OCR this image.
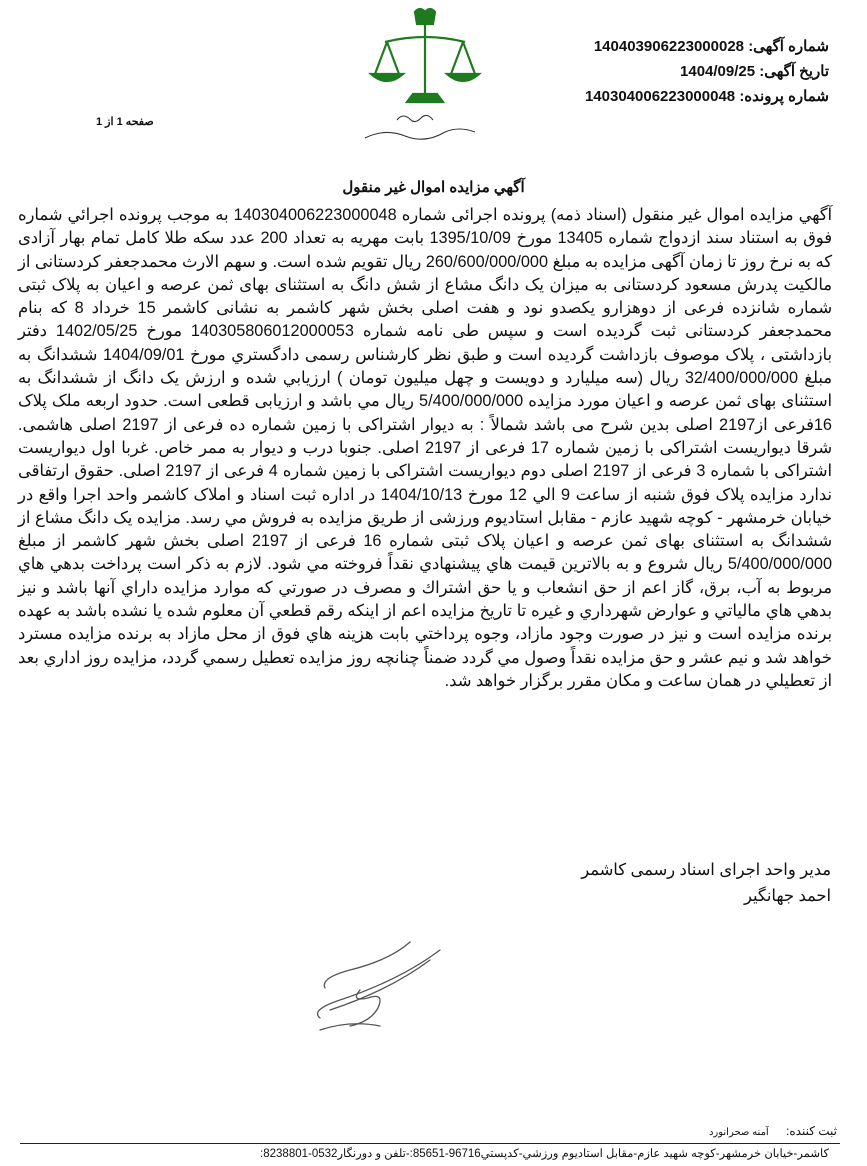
شماره آگهی: 140403906223000028
تاریخ آگهی: 1404/09/25
شماره پرونده: 140304006223000048
صفحه 1 از 1
آگهي مزايده اموال غير منقول

آگهي مزايده اموال غير منقول (اسناد ذمه) پرونده اجرائی شماره 140304006223000048 به موجب پرونده اجرائي شماره فوق به استناد سند ازدواج شماره 13405 مورخ 1395/10/09 بابت مهريه به تعداد 200 عدد سکه طلا کامل تمام بهار آزادی که به نرخ روز تا زمان آگهی مزايده به مبلغ 260/600/000/000 ريال تقويم شده است. و سهم الارث محمدجعفر کردستانی از مالکيت پدرش مسعود کردستانی به ميزان يک دانگ مشاع از شش دانگ به استثنای بهای ثمن عرصه و اعيان به پلاک ثبتی شماره شانزده فرعی از دوهزارو يکصدو نود و هفت اصلی بخش شهر کاشمر به نشانی کاشمر 15 خرداد 8 که بنام محمدجعفر کردستانی ثبت گرديده است و سپس طی نامه شماره 140305806012000053 مورخ 1402/05/25 دفتر بازداشتی ، پلاک موصوف بازداشت گرديده است و طبق نظر کارشناس رسمی دادگستري مورخ 1404/09/01 ششدانگ به مبلغ 32/400/000/000 ريال (سه ميليارد و دويست و چهل ميليون تومان ) ارزيابي شده و ارزش يک دانگ از ششدانگ به استثنای بهای ثمن عرصه و اعيان مورد مزايده 5/400/000/000 ريال مي باشد و ارزيابی قطعی است. حدود اربعه ملک پلاک 16فرعی از2197 اصلی بدين شرح می باشد شمالاً : به ديوار اشتراکی با زمين شماره ده فرعی از 2197 اصلی هاشمی. شرقا ديواريست اشتراکی با زمين شماره 17 فرعی از 2197 اصلی. جنوبا درب و ديوار به ممر خاص. غربا اول ديواريست اشتراکی با شماره 3 فرعی از 2197 اصلی دوم ديواريست اشتراکی با زمين شماره 4 فرعی از 2197 اصلی. حقوق ارتفاقی ندارد مزايده پلاک فوق شنبه از ساعت 9 الي 12 مورخ 1404/10/13 در اداره ثبت اسناد و املاک کاشمر واحد اجرا واقع در خيابان خرمشهر - کوچه شهيد عازم - مقابل استاديوم ورزشی از طريق مزايده به فروش مي رسد. مزايده يک دانگ مشاع از ششدانگ به استثنای بهای ثمن عرصه و اعيان پلاک ثبتی شماره 16 فرعی از 2197 اصلی بخش شهر کاشمر از مبلغ 5/400/000/000 ريال شروع و به بالاترين قيمت هاي پيشنهادي نقداً فروخته مي شود. لازم به ذکر است پرداخت بدهي هاي مربوط به آب، برق، گاز اعم از حق انشعاب و يا حق اشتراك و مصرف در صورتي كه موارد مزايده داراي آنها باشد و نيز بدهي هاي مالياتي و عوارض شهرداري و غيره تا تاريخ مزايده اعم از اينكه رقم قطعي آن معلوم شده يا نشده باشد به عهده برنده مزايده است و نيز در صورت وجود مازاد، وجوه پرداختي بابت هزينه هاي فوق از محل مازاد به برنده مزايده مسترد خواهد شد و نيم عشر و حق مزايده نقداً وصول مي گردد ضمناً چنانچه روز مزايده تعطيل رسمي گردد، مزايده روز اداري بعد از تعطيلي در همان ساعت و مكان مقرر برگزار خواهد شد.

مدير واحد اجرای اسناد رسمی کاشمر
احمد جهانگير
ثبت کننده: آمنه صحرانورد
کاشمر-خيابان خرمشهر-کوچه شهيد عازم-مقابل استاديوم ورزشي-کدپستي96716-85651:-تلفن و دورنگار0532-8238801:
